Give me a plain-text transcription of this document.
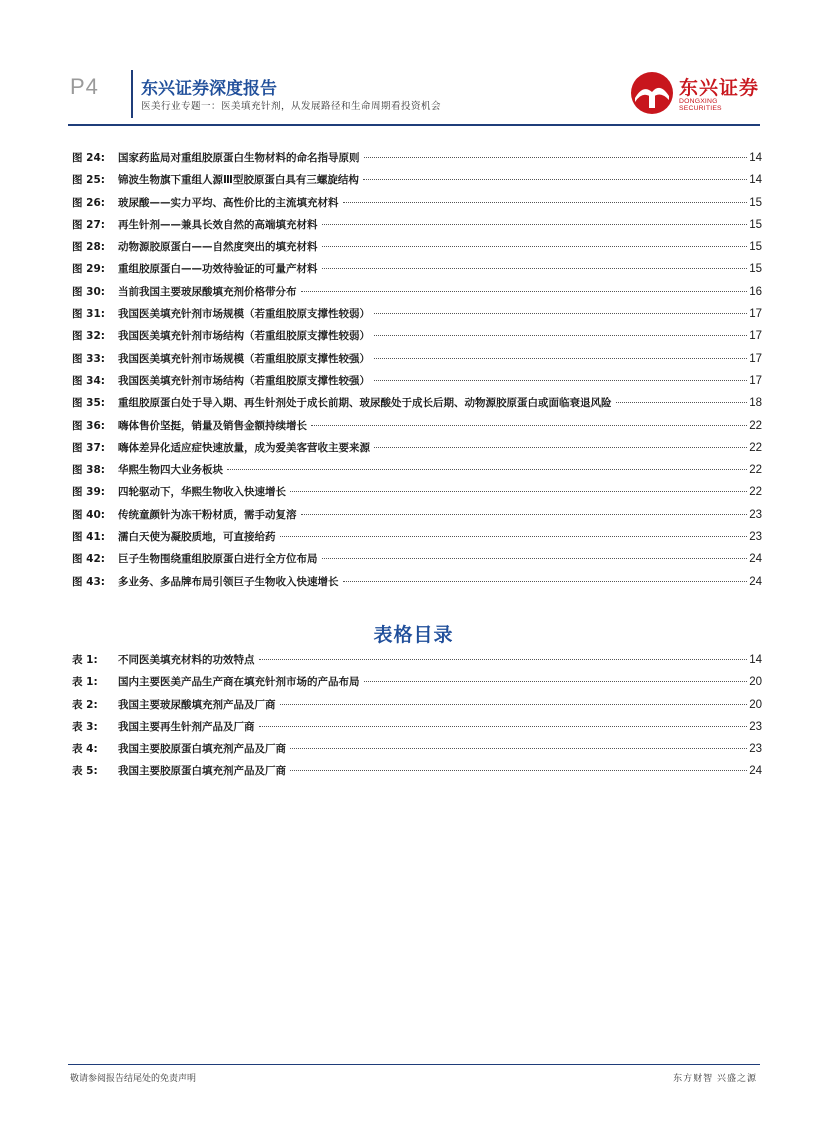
P4 东兴证券深度报告
医美行业专题一：医美填充针剂，从发展路径和生命周期看投资机会
东兴证券
DONGXING SECURITIES
图 24:	国家药监局对重组胶原蛋白生物材料的命名指导原则	14
图 25:	锦波生物旗下重组人源Ⅲ型胶原蛋白具有三螺旋结构	14
图 26:	玻尿酸——实力平均、高性价比的主流填充材料	15
图 27:	再生针剂——兼具长效自然的高端填充材料	15
图 28:	动物源胶原蛋白——自然度突出的填充材料	15
图 29:	重组胶原蛋白——功效待验证的可量产材料	15
图 30:	当前我国主要玻尿酸填充剂价格带分布	16
图 31:	我国医美填充针剂市场规模（若重组胶原支撑性较弱）	17
图 32:	我国医美填充针剂市场结构（若重组胶原支撑性较弱）	17
图 33:	我国医美填充针剂市场规模（若重组胶原支撑性较强）	17
图 34:	我国医美填充针剂市场结构（若重组胶原支撑性较强）	17
图 35:	重组胶原蛋白处于导入期、再生针剂处于成长前期、玻尿酸处于成长后期、动物源胶原蛋白或面临衰退风险	18
图 36:	嗨体售价坚挺，销量及销售金额持续增长	22
图 37:	嗨体差异化适应症快速放量，成为爱美客营收主要来源	22
图 38:	华熙生物四大业务板块	22
图 39:	四轮驱动下，华熙生物收入快速增长	22
图 40:	传统童颜针为冻干粉材质，需手动复溶	23
图 41:	濡白天使为凝胶质地，可直接给药	23
图 42:	巨子生物围绕重组胶原蛋白进行全方位布局	24
图 43:	多业务、多品牌布局引领巨子生物收入快速增长	24
表格目录
表 1:	不同医美填充材料的功效特点	14
表 1:	国内主要医美产品生产商在填充针剂市场的产品布局	20
表 2:	我国主要玻尿酸填充剂产品及厂商	20
表 3:	我国主要再生针剂产品及厂商	23
表 4:	我国主要胶原蛋白填充剂产品及厂商	23
表 5:	我国主要胶原蛋白填充剂产品及厂商	24
敬请参阅报告结尾处的免责声明	东方财智 兴盛之源
